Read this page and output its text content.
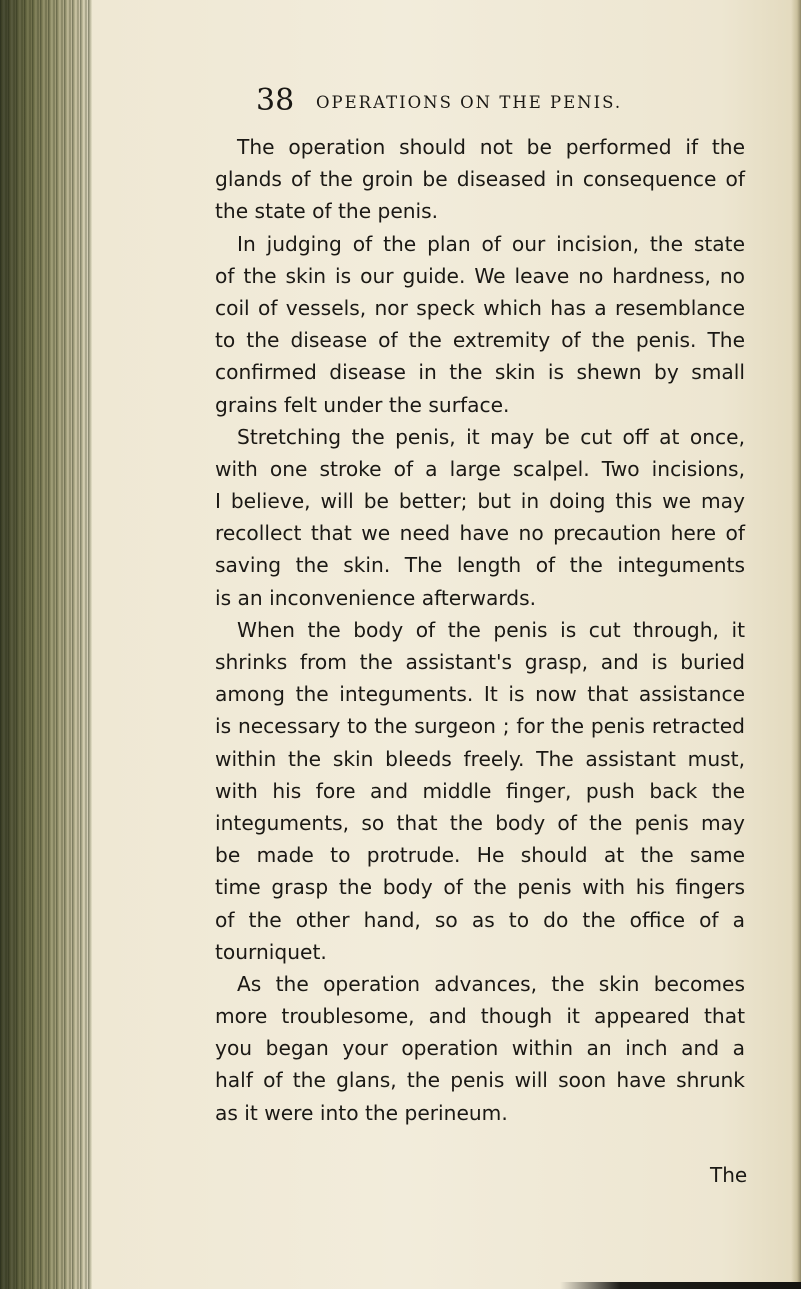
38 OPERATIONS ON THE PENIS.
The operation should not be performed if the
glands of the groin be diseased in consequence of
the state of the penis.
In judging of the plan of our incision, the state
of the skin is our guide. We leave no hardness, no
coil of vessels, nor speck which has a resemblance
to the disease of the extremity of the penis. The
confirmed disease in the skin is shewn by small
grains felt under the surface.
Stretching the penis, it may be cut off at once,
with one stroke of a large scalpel. Two incisions,
I believe, will be better; but in doing this we may
recollect that we need have no precaution here of
saving the skin. The length of the integuments
is an inconvenience afterwards.
When the body of the penis is cut through, it
shrinks from the assistant's grasp, and is buried
among the integuments. It is now that assistance
is necessary to the surgeon ; for the penis retracted
within the skin bleeds freely. The assistant must,
with his fore and middle finger, push back the
integuments, so that the body of the penis may
be made to protrude. He should at the same
time grasp the body of the penis with his fingers
of the other hand, so as to do the office of a
tourniquet.
As the operation advances, the skin becomes
more troublesome, and though it appeared that
you began your operation within an inch and a
half of the glans, the penis will soon have shrunk
as it were into the perineum.
The
